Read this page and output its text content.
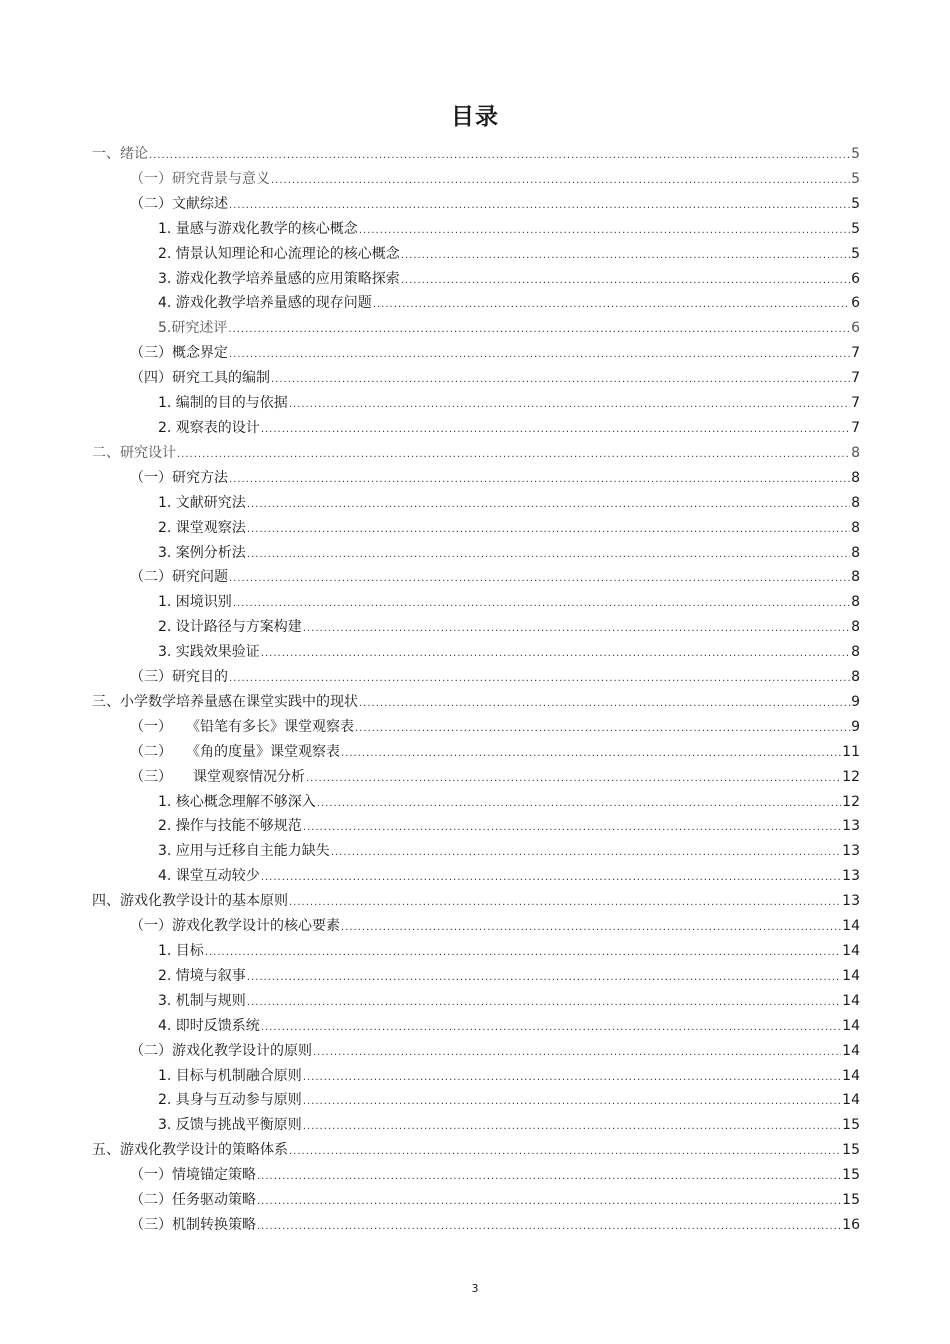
目录
一、绪论 .....	5
（一）研究背景与意义 .....	5
（二）文献综述 .....	5
1. 量感与游戏化教学的核心概念 .....	5
2. 情景认知理论和心流理论的核心概念 .....	5
3. 游戏化教学培养量感的应用策略探索 .....	6
4. 游戏化教学培养量感的现存问题 .....	6
5.研究述评 .....	6
（三）概念界定 .....	7
（四）研究工具的编制 .....	7
1. 编制的目的与依据 .....	7
2. 观察表的设计 .....	7
二、研究设计 .....	8
（一）研究方法 .....	8
1. 文献研究法 .....	8
2. 课堂观察法 .....	8
3. 案例分析法 .....	8
（二）研究问题 .....	8
1. 困境识别 .....	8
2. 设计路径与方案构建 .....	8
3. 实践效果验证 .....	8
（三）研究目的 .....	8
三、小学数学培养量感在课堂实践中的现状 .....	9
（一）　　《铅笔有多长》课堂观察表 .....	9
（二）　　《角的度量》课堂观察表 .....	11
（三）　　课堂观察情况分析 .....	12
1. 核心概念理解不够深入 .....	12
2. 操作与技能不够规范 .....	13
3. 应用与迁移自主能力缺失 .....	13
4. 课堂互动较少 .....	13
四、游戏化教学设计的基本原则 .....	13
（一）游戏化教学设计的核心要素 .....	14
1. 目标 .....	14
2. 情境与叙事 .....	14
3. 机制与规则 .....	14
4. 即时反馈系统 .....	14
（二）游戏化教学设计的原则 .....	14
1. 目标与机制融合原则 .....	14
2. 具身与互动参与原则 .....	14
3. 反馈与挑战平衡原则 .....	15
五、游戏化教学设计的策略体系 .....	15
（一）情境锚定策略 .....	15
（二）任务驱动策略 .....	15
（三）机制转换策略 .....	16
3
